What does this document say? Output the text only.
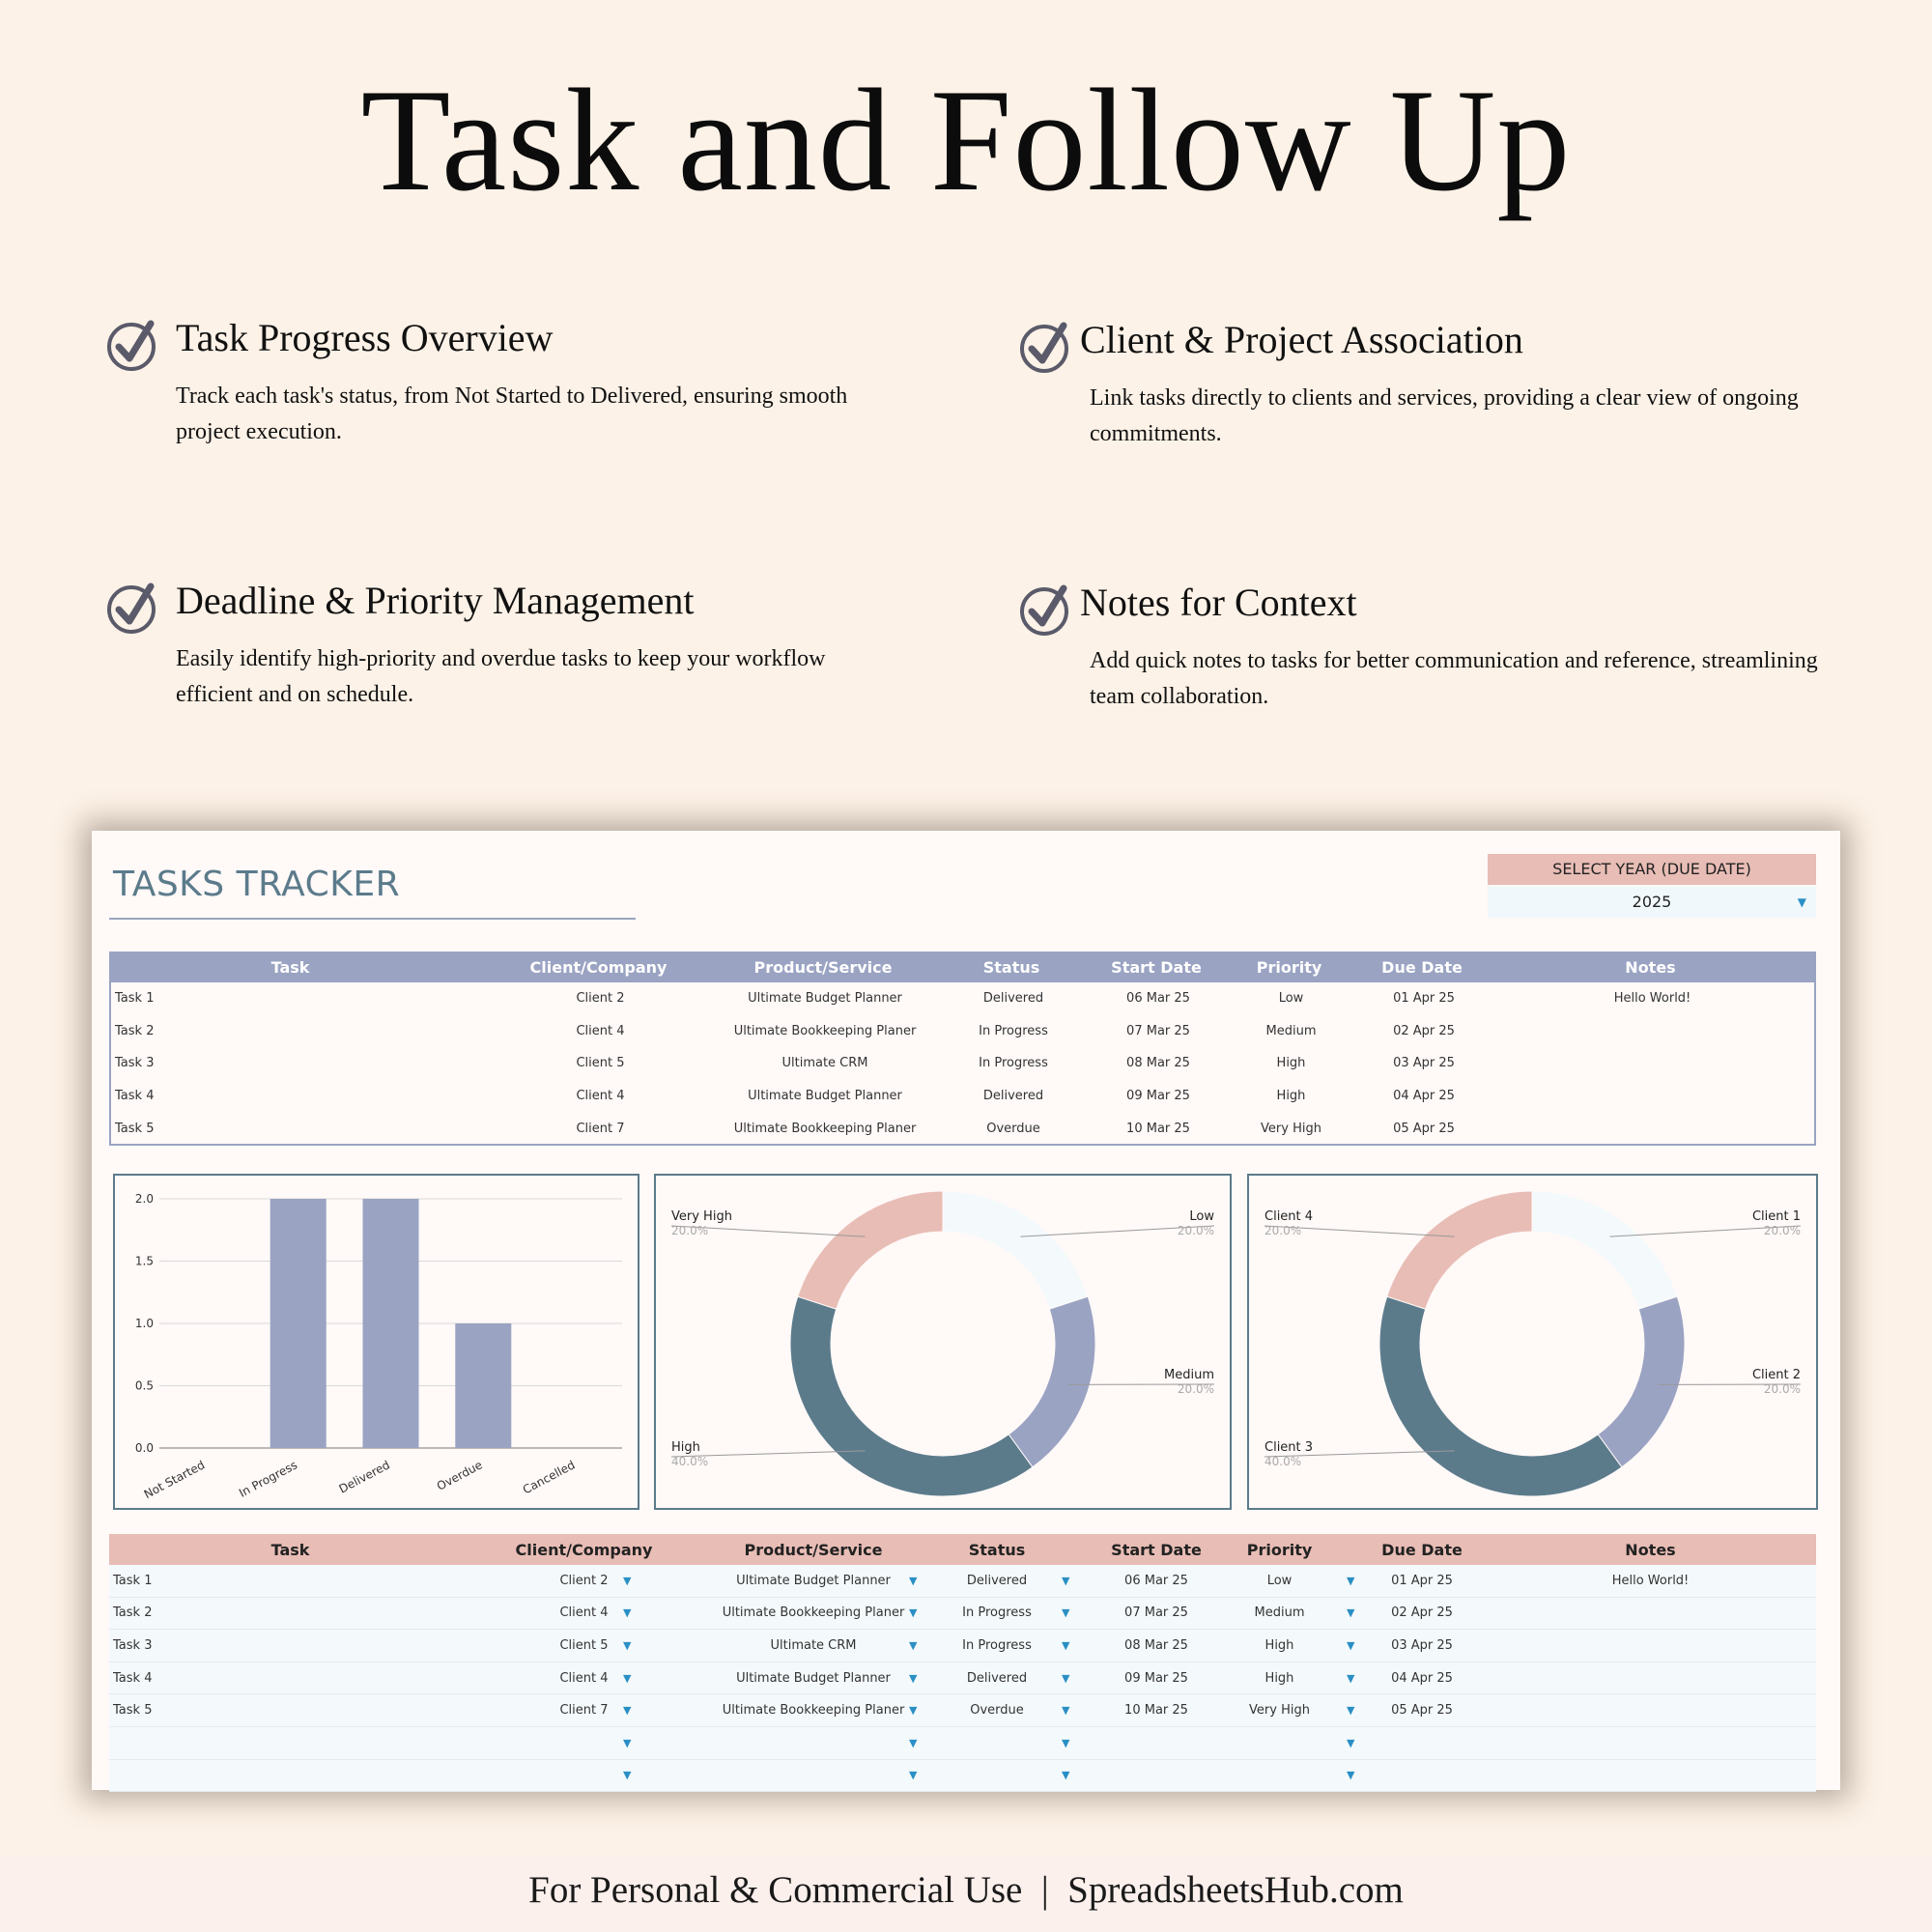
Task and Follow Up
Task Progress Overview

Track each task's status, from Not Started to Delivered, ensuring smooth project execution.

Client & Project Association

Link tasks directly to clients and services, providing a clear view of ongoing commitments.

Deadline & Priority Management

Easily identify high-priority and overdue tasks to keep your workflow efficient and on schedule.

Notes for Context

Add quick notes to tasks for better communication and reference, streamlining team collaboration.

TASKS TRACKER	SELECT YEAR (DUE DATE)
2025	▼
Task	Client/Company	Product/Service	Status	Start Date	Priority	Due Date	Notes
Task 1	Client 2	Ultimate Budget Planner	Delivered	06 Mar 25	Low	01 Apr 25	Hello World!
Task 2	Client 4	Ultimate Bookkeeping Planer	In Progress	07 Mar 25	Medium	02 Apr 25
Task 3	Client 5	Ultimate CRM	In Progress	08 Mar 25	High	03 Apr 25
Task 4	Client 4	Ultimate Budget Planner	Delivered	09 Mar 25	High	04 Apr 25
Task 5	Client 7	Ultimate Bookkeeping Planer	Overdue	10 Mar 25	Very High	05 Apr 25
0.0
0.5
1.0
1.5
2.0
Not Started	In Progress	Delivered	Overdue	Cancelled
Low
20.0%
Medium
20.0%
High
40.0%
Very High
20.0%
Client 1
20.0%
Client 2
20.0%
Client 3
40.0%
Client 4
20.0%
Task	Client/Company	Product/Service	Status	Start Date	Priority	Due Date	Notes
Task 1	Client 2	Ultimate Budget Planner	Delivered	06 Mar 25	Low	01 Apr 25	Hello World!
▼	▼	▼	▼
Task 2	Client 4	Ultimate Bookkeeping Planer	In Progress	07 Mar 25	Medium	02 Apr 25
▼	▼	▼	▼
Task 3	Client 5	Ultimate CRM	In Progress	08 Mar 25	High	03 Apr 25
▼	▼	▼	▼
Task 4	Client 4	Ultimate Budget Planner	Delivered	09 Mar 25	High	04 Apr 25
▼	▼	▼	▼
Task 5	Client 7	Ultimate Bookkeeping Planer	Overdue	10 Mar 25	Very High	05 Apr 25
▼	▼	▼	▼
▼	▼	▼	▼
▼	▼	▼	▼
For Personal & Commercial Use  |  SpreadsheetsHub.com
